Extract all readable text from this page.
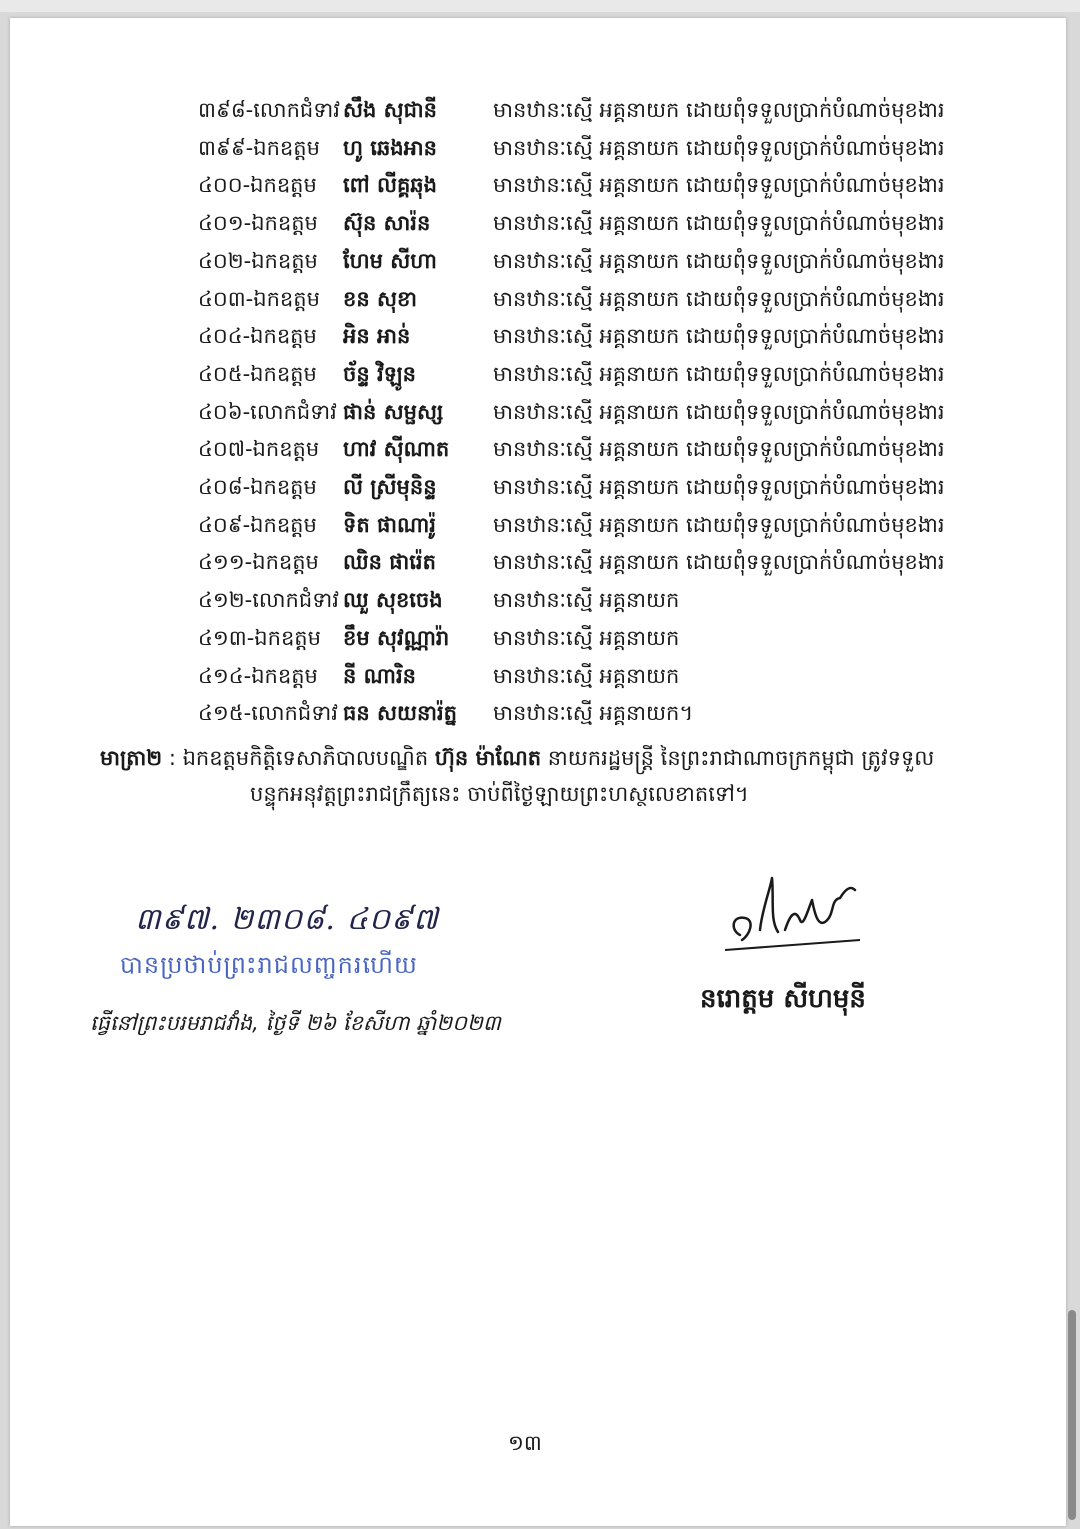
៣៩៨-លោកជំទាវ សឹង សុជានី	មានឋានៈស្មើ អគ្គនាយក ដោយពុំទទួលប្រាក់បំណាច់មុខងារ
៣៩៩-ឯកឧត្តម ហូ ឆេងអាន	មានឋានៈស្មើ អគ្គនាយក ដោយពុំទទួលប្រាក់បំណាច់មុខងារ
៤០០-ឯកឧត្តម ពៅ លីគ្គឆុង	មានឋានៈស្មើ អគ្គនាយក ដោយពុំទទួលប្រាក់បំណាច់មុខងារ
៤០១-ឯកឧត្តម ស៊ុន សារ៉ន	មានឋានៈស្មើ អគ្គនាយក ដោយពុំទទួលប្រាក់បំណាច់មុខងារ
៤០២-ឯកឧត្តម ហែម សីហា	មានឋានៈស្មើ អគ្គនាយក ដោយពុំទទួលប្រាក់បំណាច់មុខងារ
៤០៣-ឯកឧត្តម ខន សុខា	មានឋានៈស្មើ អគ្គនាយក ដោយពុំទទួលប្រាក់បំណាច់មុខងារ
៤០៤-ឯកឧត្តម អិន អាន់	មានឋានៈស្មើ អគ្គនាយក ដោយពុំទទួលប្រាក់បំណាច់មុខងារ
៤០៥-ឯកឧត្តម ច័ន្ទ វិឡូន	មានឋានៈស្មើ អគ្គនាយក ដោយពុំទទួលប្រាក់បំណាច់មុខងារ
៤០៦-លោកជំទាវ ផាន់ សម្ផស្ស មានឋានៈស្មើ អគ្គនាយក ដោយពុំទទួលប្រាក់បំណាច់មុខងារ
៤០៧-ឯកឧត្តម ហាវ ស៊ីណាត មានឋានៈស្មើ អគ្គនាយក ដោយពុំទទួលប្រាក់បំណាច់មុខងារ
៤០៨-ឯកឧត្តម លី ស្រីមុនិន្ទ	មានឋានៈស្មើ អគ្គនាយក ដោយពុំទទួលប្រាក់បំណាច់មុខងារ
៤០៩-ឯកឧត្តម ទិត ផាណារ៉ូ	មានឋានៈស្មើ អគ្គនាយក ដោយពុំទទួលប្រាក់បំណាច់មុខងារ
៤១១-ឯកឧត្តម ឈិន ផារ៉េត	មានឋានៈស្មើ អគ្គនាយក ដោយពុំទទួលប្រាក់បំណាច់មុខងារ
៤១២-លោកជំទាវ ឈួ សុខចេង មានឋានៈស្មើ អគ្គនាយក
៤១៣-ឯកឧត្តម ខឹម សុវណ្ណារ៉ា មានឋានៈស្មើ អគ្គនាយក
៤១៤-ឯកឧត្តម នី ណារិន	មានឋានៈស្មើ អគ្គនាយក
៤១៥-លោកជំទាវ ធន សយនារ៉ត្ន មានឋានៈស្មើ អគ្គនាយក។
មាត្រា២ : ឯកឧត្តមកិត្តិទេសាភិបាលបណ្ឌិត ហ៊ុន ម៉ាណែត នាយករដ្ឋមន្ត្រី នៃព្រះរាជាណាចក្រកម្ពុជា ត្រូវទទួល
បន្ទុកអនុវត្តព្រះរាជក្រឹត្យនេះ ចាប់ពីថ្ងៃឡាយព្រះហស្ថលេខាតទៅ។
៣៩៧. ២៣០៨. ៤០៩៧
បានប្រថាប់ព្រះរាជលញ្ចករហើយ
ធ្វើនៅព្រះបរមរាជវាំង, ថ្ងៃទី ២៦ ខែសីហា ឆ្នាំ២០២៣
នរោត្តម សីហមុនី
១៣
